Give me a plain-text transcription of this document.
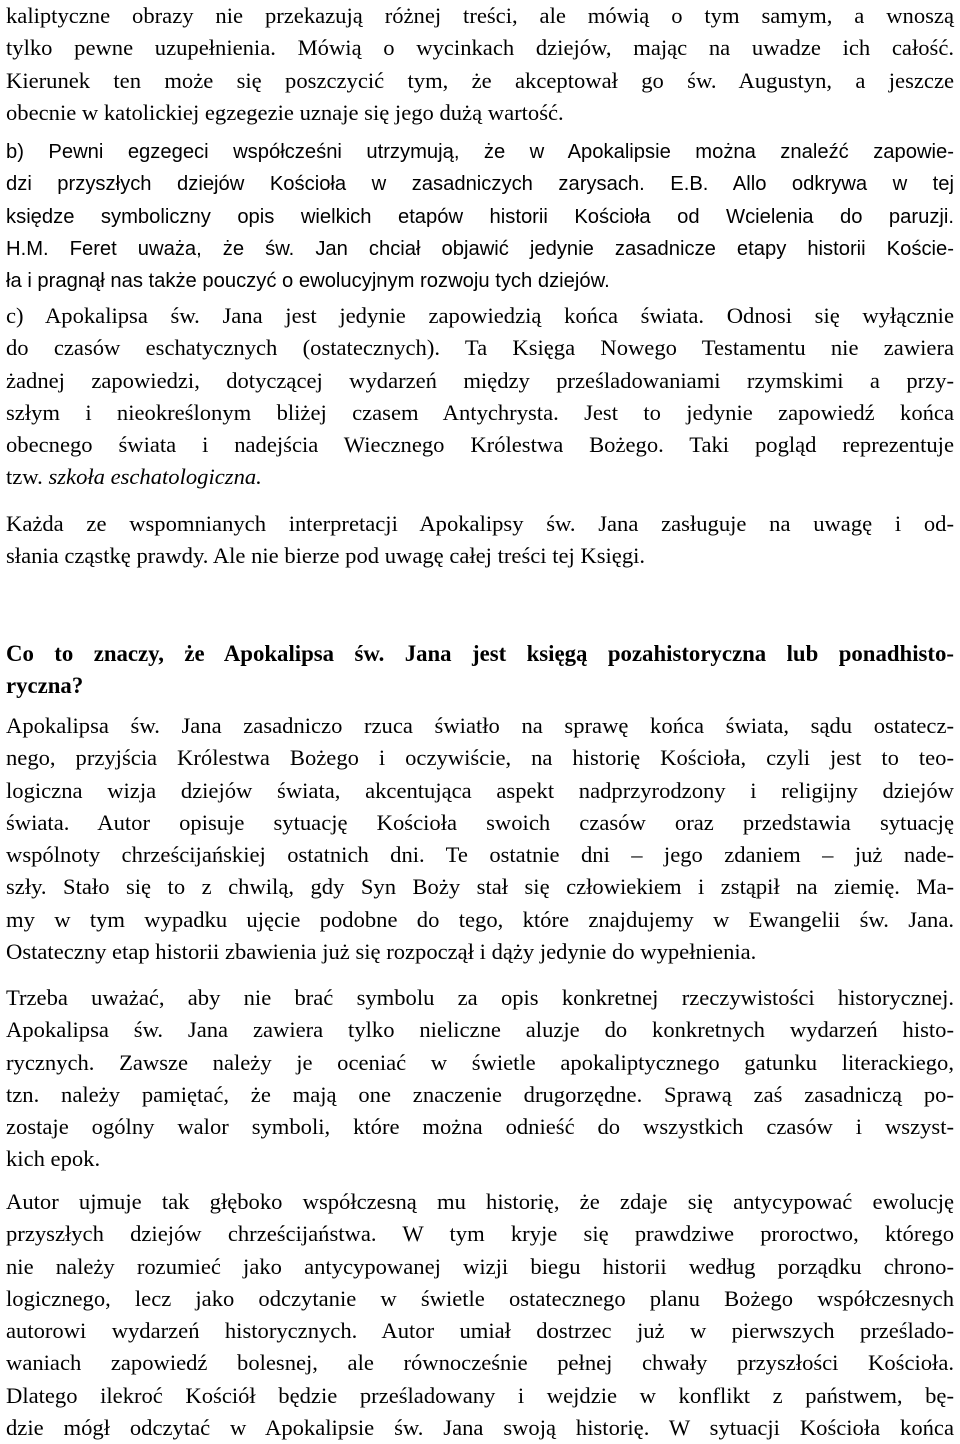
kaliptyczne obrazy nie przekazują różnej treści, ale mówią o tym samym, a wnoszą
tylko pewne uzupełnienia. Mówią o wycinkach dziejów, mając na uwadze ich całość.
Kierunek ten może się poszczycić tym, że akceptował go św. Augustyn, a jeszcze
obecnie w katolickiej egzegezie uznaje się jego dużą wartość.
b) Pewni egzegeci współcześni utrzymują, że w Apokalipsie można znaleźć zapowie-
dzi przyszłych dziejów Kościoła w zasadniczych zarysach. E.B. Allo odkrywa w tej
księdze symboliczny opis wielkich etapów historii Kościoła od Wcielenia do paruzji.
H.M. Feret uważa, że św. Jan chciał objawić jedynie zasadnicze etapy historii Koście-
ła i pragnął nas także pouczyć o ewolucyjnym rozwoju tych dziejów.
c) Apokalipsa św. Jana jest jedynie zapowiedzią końca świata. Odnosi się wyłącznie
do czasów eschatycznych (ostatecznych). Ta Księga Nowego Testamentu nie zawiera
żadnej zapowiedzi, dotyczącej wydarzeń między prześladowaniami rzymskimi a przy-
szłym i nieokreślonym bliżej czasem Antychrysta. Jest to jedynie zapowiedź końca
obecnego świata i nadejścia Wiecznego Królestwa Bożego. Taki pogląd reprezentuje
tzw. szkoła eschatologiczna.
Każda ze wspomnianych interpretacji Apokalipsy św. Jana zasługuje na uwagę i od-
słania cząstkę prawdy. Ale nie bierze pod uwagę całej treści tej Księgi.
Co to znaczy, że Apokalipsa św. Jana jest księgą pozahistoryczna lub ponadhisto-
ryczna?
Apokalipsa św. Jana zasadniczo rzuca światło na sprawę końca świata, sądu ostatecz-
nego, przyjścia Królestwa Bożego i oczywiście, na historię Kościoła, czyli jest to teo-
logiczna wizja dziejów świata, akcentująca aspekt nadprzyrodzony i religijny dziejów
świata. Autor opisuje sytuację Kościoła swoich czasów oraz przedstawia sytuację
wspólnoty chrześcijańskiej ostatnich dni. Te ostatnie dni – jego zdaniem – już nade-
szły. Stało się to z chwilą, gdy Syn Boży stał się człowiekiem i zstąpił na ziemię. Ma-
my w tym wypadku ujęcie podobne do tego, które znajdujemy w Ewangelii św. Jana.
Ostateczny etap historii zbawienia już się rozpoczął i dąży jedynie do wypełnienia.
Trzeba uważać, aby nie brać symbolu za opis konkretnej rzeczywistości historycznej.
Apokalipsa św. Jana zawiera tylko nieliczne aluzje do konkretnych wydarzeń histo-
rycznych. Zawsze należy je oceniać w świetle apokaliptycznego gatunku literackiego,
tzn. należy pamiętać, że mają one znaczenie drugorzędne. Sprawą zaś zasadniczą po-
zostaje ogólny walor symboli, które można odnieść do wszystkich czasów i wszyst-
kich epok.
Autor ujmuje tak głęboko współczesną mu historię, że zdaje się antycypować ewolucję
przyszłych dziejów chrześcijaństwa. W tym kryje się prawdziwe proroctwo, którego
nie należy rozumieć jako antycypowanej wizji biegu historii według porządku chrono-
logicznego, lecz jako odczytanie w świetle ostatecznego planu Bożego współczesnych
autorowi wydarzeń historycznych. Autor umiał dostrzec już w pierwszych prześlado-
waniach zapowiedź bolesnej, ale równocześnie pełnej chwały przyszłości Kościoła.
Dlatego ilekroć Kościół będzie prześladowany i wejdzie w konflikt z państwem, bę-
dzie mógł odczytać w Apokalipsie św. Jana swoją historię. W sytuacji Kościoła końca
